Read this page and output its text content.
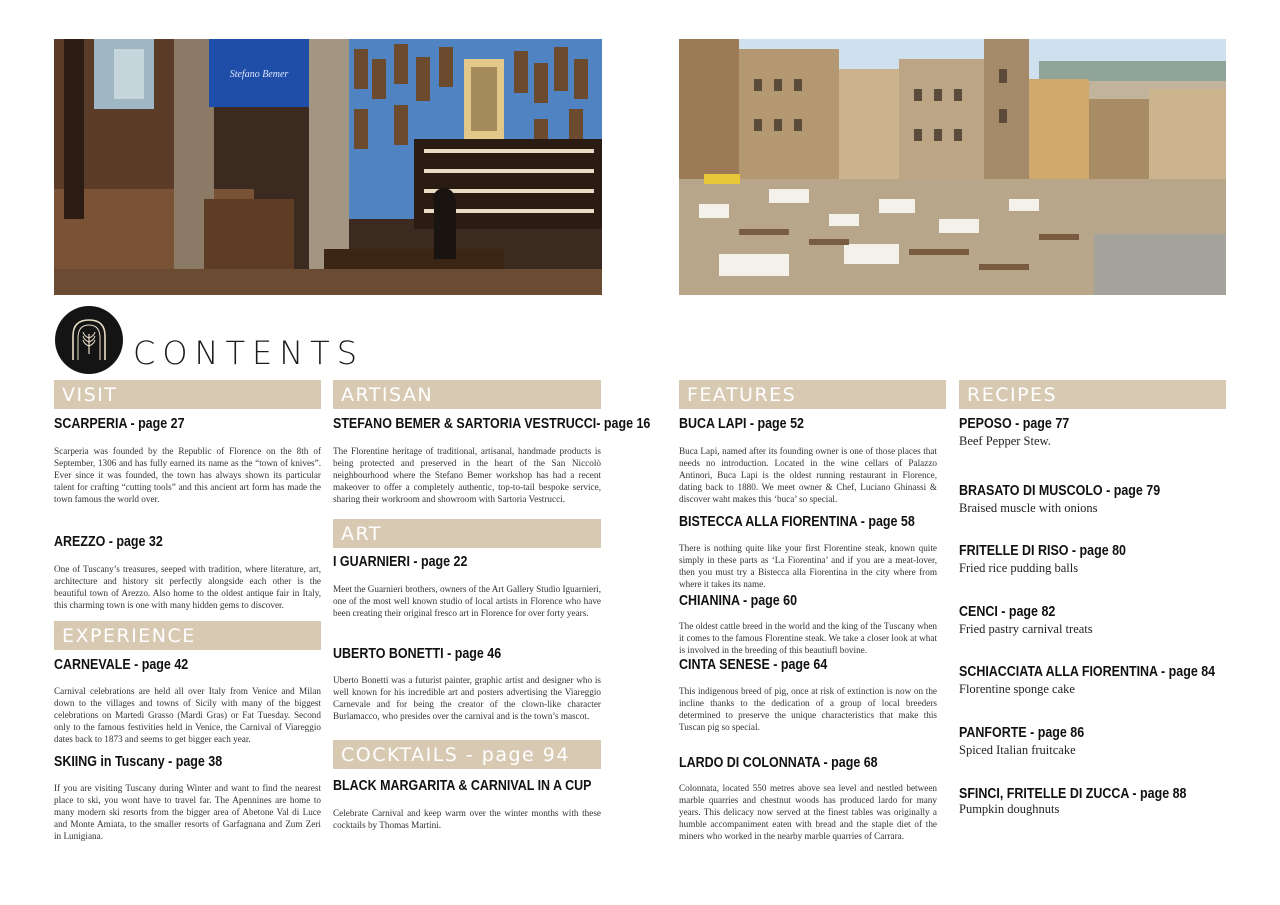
Stefano Bemer
CONTENTS
VISIT
SCARPERIA - page 27
Scarperia was founded by the Republic of Florence on the 8th of September, 1306 and has fully earned its name as the “town of knives”. Ever since it was founded, the town has always shown its particular talent for crafting “cutting tools” and this ancient art form has made the town famous the world over.
AREZZO - page 32
One of Tuscany’s treasures, seeped with tradition, where literature, art, architecture and history sit perfectly alongside each other is the beautiful town of Arezzo. Also home to the oldest antique fair in Italy, this charming town is one with many hidden gems to discover.
EXPERIENCE
CARNEVALE - page 42
Carnival celebrations are held all over Italy from Venice and Milan down to the villages and towns of Sicily with many of the biggest celebrations on Martedì Grasso (Mardi Gras) or Fat Tuesday. Second only to the famous festivities held in Venice, the Carnival of Viareggio dates back to 1873 and seems to get bigger each year.
SKIING in Tuscany - page 38
If you are visiting Tuscany during Winter and want to find the nearest place to ski, you wont have to travel far. The Apennines are home to many modern ski resorts from the bigger area of Abetone Val di Luce and Monte Amiata, to the smaller resorts of Garfagnana and Zum Zeri in Lunigiana.
ARTISAN
STEFANO BEMER & SARTORIA VESTRUCCI- page 16
The Florentine heritage of traditional, artisanal, handmade products is being protected and preserved in the heart of the San Niccolò neighbourhood where the Stefano Bemer workshop has had a recent makeover to offer a completely authentic, top-to-tail bespoke service, sharing their workroom and showroom with Sartoria Vestrucci.
ART
I GUARNIERI - page 22
Meet the Guarnieri brothers, owners of the Art Gallery Studio Iguarnieri, one of the most well known studio of local artists in Florence who have been creating their original fresco art in Florence for over forty years.
UBERTO BONETTI - page 46
Uberto Bonetti was a futurist painter, graphic artist and designer who is well known for his incredible art and posters advertising the Viareggio Carnevale and for being the creator of the clown-like character Burlamacco, who presides over the carnival and is the town’s mascot.
COCKTAILS - page 94
BLACK MARGARITA & CARNIVAL IN A CUP
Celebrate Carnival and keep warm over the winter months with these cocktails by Thomas Martini.
FEATURES
BUCA LAPI - page 52
Buca Lapi, named after its founding owner is one of those places that needs no introduction. Located in the wine cellars of Palazzo Antinori, Buca Lapi is the oldest running restaurant in Florence, dating back to 1880. We meet owner & Chef, Luciano Ghinassi & discover waht makes this ‘buca’ so special.
BISTECCA ALLA FIORENTINA - page 58
There is nothing quite like your first Florentine steak, known quite simply in these parts as ‘La Fiorentina’ and if you are a meat-lover, then you must try a Bistecca alla Fiorentina in the city where from where it takes its name.
CHIANINA - page 60
The oldest cattle breed in the world and the king of the Tuscany when it comes to the famous Florentine steak. We take a closer look at what is involved in the breeding of this beautiufl bovine.
CINTA SENESE - page 64
This indigenous breed of pig, once at risk of extinction is now on the incline thanks to the dedication of a group of local breeders determined to preserve the unique characteristics that make this Tuscan pig so special.
LARDO DI COLONNATA - page 68
Colonnata, located 550 metres above sea level and nestled between marble quarries and chestnut woods has produced lardo for many years. This delicacy now served at the finest tables was originally a humble accompaniment eaten with bread and the staple diet of the miners who worked in the nearby marble quarries of Carrara.
RECIPES
PEPOSO - page 77
Beef Pepper Stew.
BRASATO DI MUSCOLO - page 79
Braised muscle with onions
FRITELLE DI RISO - page 80
Fried rice pudding balls
CENCI - page 82
Fried pastry carnival treats
SCHIACCIATA ALLA FIORENTINA - page 84
Florentine sponge cake
PANFORTE - page 86
Spiced Italian fruitcake
SFINCI, FRITELLE DI ZUCCA - page 88
Pumpkin doughnuts
